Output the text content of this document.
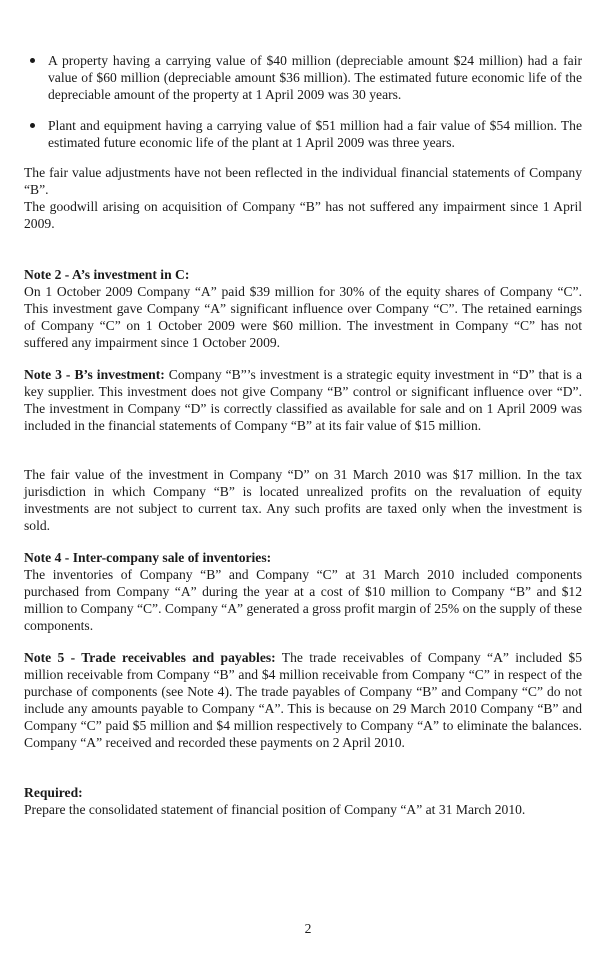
A property having a carrying value of $40 million (depreciable amount $24 million) had a fair value of $60 million (depreciable amount $36 million). The estimated future economic life of the depreciable amount of the property at 1 April 2009 was 30 years.

Plant and equipment having a carrying value of $51 million had a fair value of $54 million. The estimated future economic life of the plant at 1 April 2009 was three years.

The fair value adjustments have not been reflected in the individual financial statements of Company “B”.

The goodwill arising on acquisition of Company “B” has not suffered any impairment since 1 April 2009.

Note 2 - A’s investment in C:
On 1 October 2009 Company “A” paid $39 million for 30% of the equity shares of Company “C”. This investment gave Company “A” significant influence over Company “C”. The retained earnings of Company “C” on 1 October 2009 were $60 million. The investment in Company “C” has not suffered any impairment since 1 October 2009.

Note 3 - B’s investment: Company “B”’s investment is a strategic equity investment in “D” that is a key supplier. This investment does not give Company “B” control or significant influence over “D”. The investment in Company “D” is correctly classified as available for sale and on 1 April 2009 was included in the financial statements of Company “B” at its fair value of $15 million.

The fair value of the investment in Company “D” on 31 March 2010 was $17 million. In the tax jurisdiction in which Company “B” is located unrealized profits on the revaluation of equity investments are not subject to current tax. Any such profits are taxed only when the investment is sold.

Note 4 - Inter-company sale of inventories:
The inventories of Company “B” and Company “C” at 31 March 2010 included components purchased from Company “A” during the year at a cost of $10 million to Company “B” and $12 million to Company “C”. Company “A” generated a gross profit margin of 25% on the supply of these components.

Note 5 - Trade receivables and payables: The trade receivables of Company “A” included $5 million receivable from Company “B” and $4 million receivable from Company “C” in respect of the purchase of components (see Note 4). The trade payables of Company “B” and Company “C” do not include any amounts payable to Company “A”. This is because on 29 March 2010 Company “B” and Company “C” paid $5 million and $4 million respectively to Company “A” to eliminate the balances. Company “A” received and recorded these payments on 2 April 2010.

Required:
Prepare the consolidated statement of financial position of Company “A” at 31 March 2010.

2
